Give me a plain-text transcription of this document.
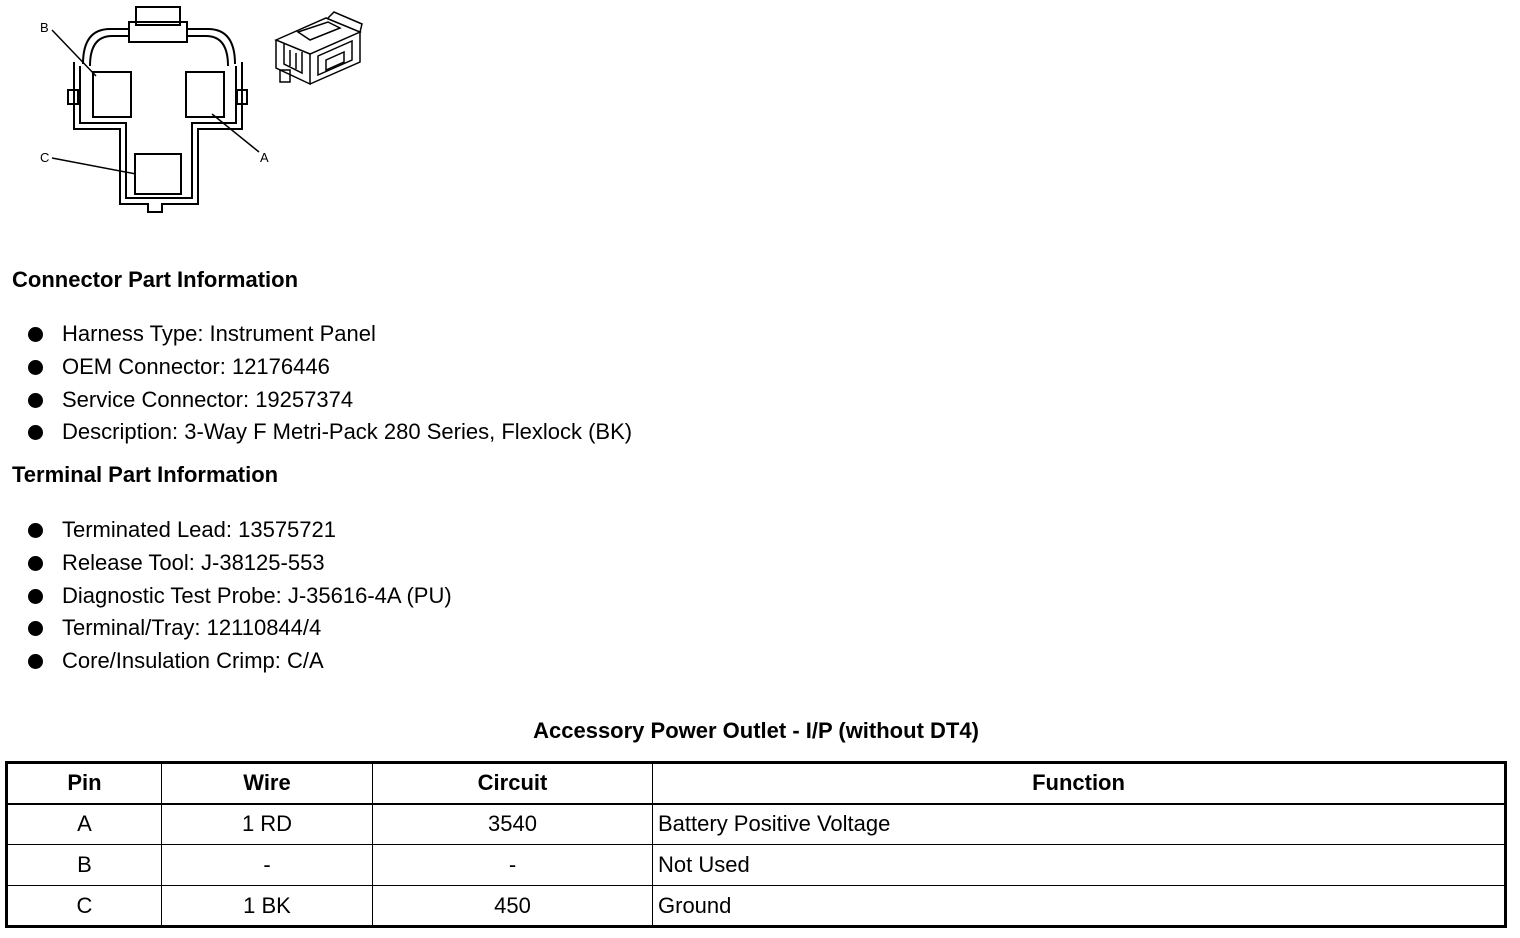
B
A
C
Connector Part Information
Harness Type: Instrument Panel
OEM Connector: 12176446
Service Connector: 19257374
Description: 3-Way F Metri-Pack 280 Series, Flexlock (BK)
Terminal Part Information
Terminated Lead: 13575721
Release Tool: J-38125-553
Diagnostic Test Probe: J-35616-4A (PU)
Terminal/Tray: 12110844/4
Core/Insulation Crimp: C/A
Accessory Power Outlet - I/P (without DT4)
Pin	Wire	Circuit	Function
A	1 RD	3540	Battery Positive Voltage
B	-	-	Not Used
C	1 BK	450	Ground
